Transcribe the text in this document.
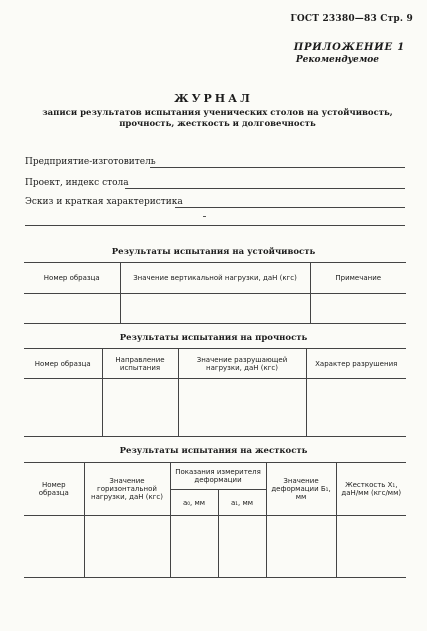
ГОСТ 23380—83 Стр. 9
ПРИЛОЖЕНИЕ 1
Рекомендуемое
ЖУРНАЛ
записи результатов испытания ученических столов на устойчивость,
прочность, жесткость и долговечность
Предприятие-изготовитель
Проект, индекс стола
Эскиз и краткая характеристика
Результаты испытания на устойчивость
Номер образца	Значение вертикальной нагрузки, даН (кгс)	Примечание

Результаты испытания на прочность
Номер образца	Направление испытания	Значение разрушающей нагрузки, даН (кгс)	Характер разрушения

Результаты испытания на жесткость
Номер образца	Значение горизонтальной нагрузки, даН (кгс)	Показания измерителя деформации		Значение деформации Б₁, мм	Жесткость X₁, даН/мм (кгс/мм)
		a₀, мм	a₁, мм		
